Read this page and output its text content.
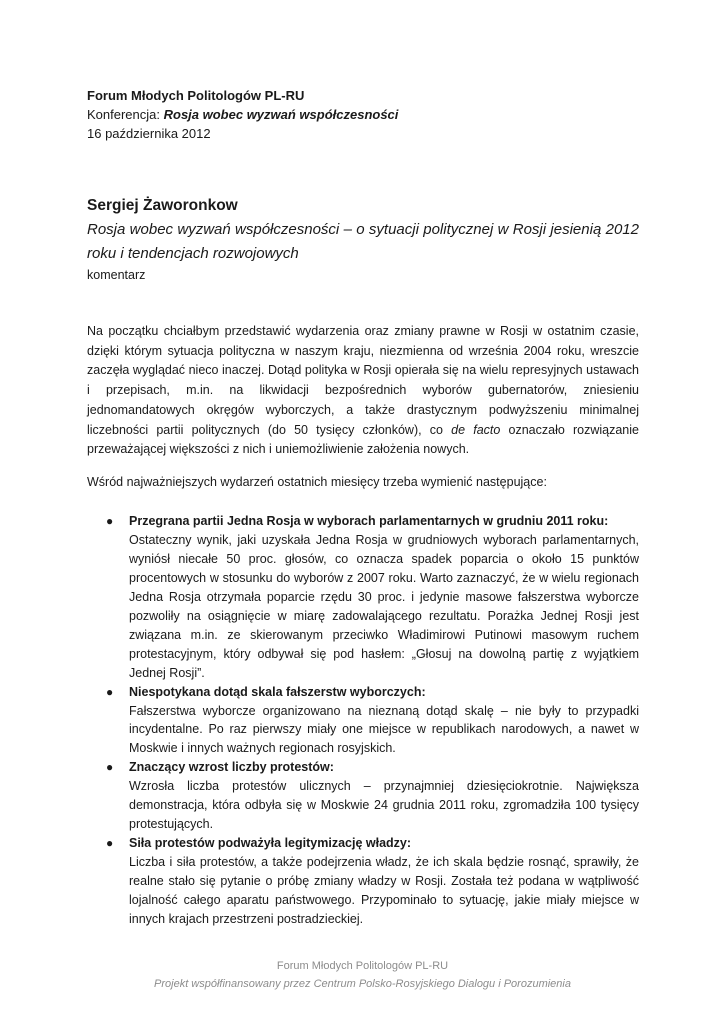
Forum Młodych Politologów PL-RU
Konferencja: Rosja wobec wyzwań współczesności
16 października 2012
Sergiej Żaworonkow
Rosja wobec wyzwań współczesności – o sytuacji politycznej w Rosji jesienią 2012 roku i tendencjach rozwojowych
komentarz
Na początku chciałbym przedstawić wydarzenia oraz zmiany prawne w Rosji w ostatnim czasie, dzięki którym sytuacja polityczna w naszym kraju, niezmienna od września 2004 roku, wreszcie zaczęła wyglądać nieco inaczej. Dotąd polityka w Rosji opierała się na wielu represyjnych ustawach i przepisach, m.in. na likwidacji bezpośrednich wyborów gubernatorów, zniesieniu jednomandatowych okręgów wyborczych, a także drastycznym podwyższeniu minimalnej liczebności partii politycznych (do 50 tysięcy członków), co de facto oznaczało rozwiązanie przeważającej większości z nich i uniemożliwienie założenia nowych.
Wśród najważniejszych wydarzeń ostatnich miesięcy trzeba wymienić następujące:
● Przegrana partii Jedna Rosja w wyborach parlamentarnych w grudniu 2011 roku:
Ostateczny wynik, jaki uzyskała Jedna Rosja w grudniowych wyborach parlamentarnych, wyniósł niecałe 50 proc. głosów, co oznacza spadek poparcia o około 15 punktów procentowych w stosunku do wyborów z 2007 roku. Warto zaznaczyć, że w wielu regionach Jedna Rosja otrzymała poparcie rzędu 30 proc. i jedynie masowe fałszerstwa wyborcze pozwoliły na osiągnięcie w miarę zadowalającego rezultatu. Porażka Jednej Rosji jest związana m.in. ze skierowanym przeciwko Władimirowi Putinowi masowym ruchem protestacyjnym, który odbywał się pod hasłem: „Głosuj na dowolną partię z wyjątkiem Jednej Rosji”.
● Niespotykana dotąd skala fałszerstw wyborczych:
Fałszerstwa wyborcze organizowano na nieznaną dotąd skalę – nie były to przypadki incydentalne. Po raz pierwszy miały one miejsce w republikach narodowych, a nawet w Moskwie i innych ważnych regionach rosyjskich.
● Znaczący wzrost liczby protestów:
Wzrosła liczba protestów ulicznych – przynajmniej dziesięciokrotnie. Największa demonstracja, która odbyła się w Moskwie 24 grudnia 2011 roku, zgromadziła 100 tysięcy protestujących.
● Siła protestów podważyła legitymizację władzy:
Liczba i siła protestów, a także podejrzenia władz, że ich skala będzie rosnąć, sprawiły, że realne stało się pytanie o próbę zmiany władzy w Rosji. Została też podana w wątpliwość lojalność całego aparatu państwowego. Przypominało to sytuację, jakie miały miejsce w innych krajach przestrzeni postradzieckiej.
Forum Młodych Politologów PL-RU
Projekt współfinansowany przez Centrum Polsko-Rosyjskiego Dialogu i Porozumienia
